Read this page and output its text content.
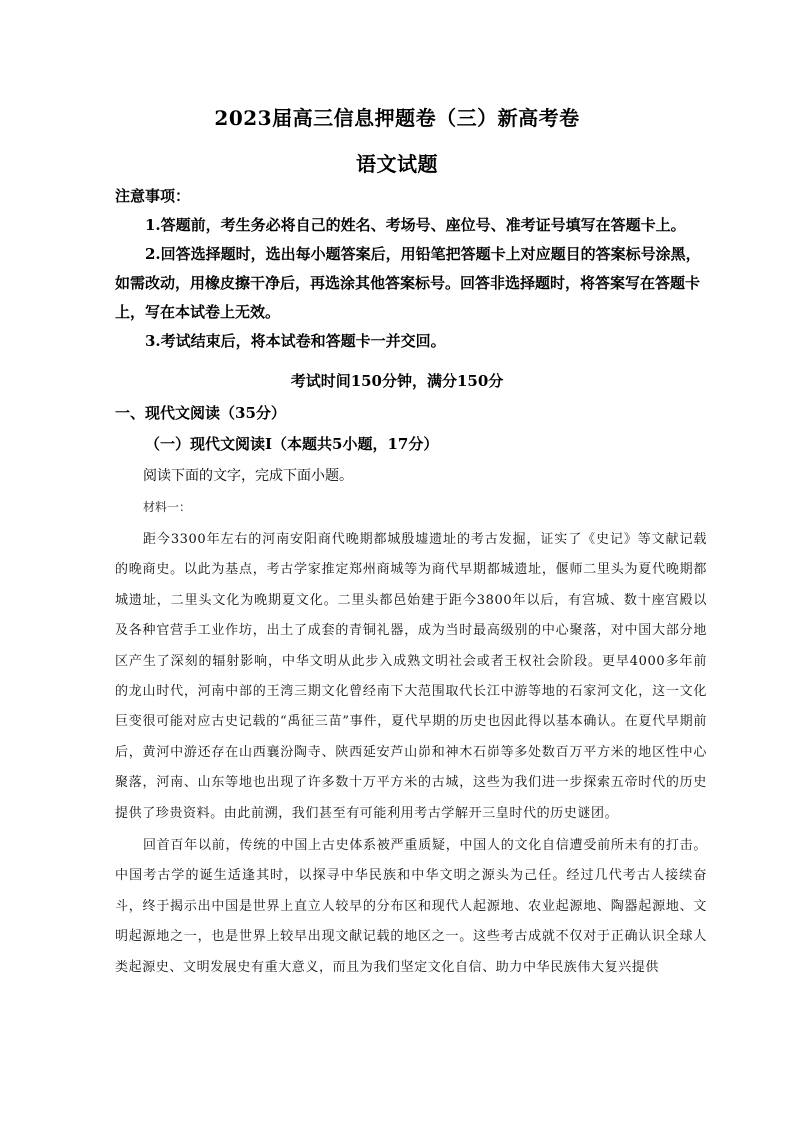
2023届高三信息押题卷（三）新高考卷
语文试题
注意事项：

1.答题前，考生务必将自己的姓名、考场号、座位号、准考证号填写在答题卡上。

2.回答选择题时，选出每小题答案后，用铅笔把答题卡上对应题目的答案标号涂黑，如需改动，用橡皮擦干净后，再选涂其他答案标号。回答非选择题时，将答案写在答题卡上，写在本试卷上无效。

3.考试结束后，将本试卷和答题卡一并交回。

考试时间150分钟，满分150分
一、现代文阅读（35分）
（一）现代文阅读Ⅰ（本题共5小题，17分）
阅读下面的文字，完成下面小题。
材料一：

距今3300年左右的河南安阳商代晚期都城殷墟遗址的考古发掘，证实了《史记》等文献记载的晚商史。以此为基点，考古学家推定郑州商城等为商代早期都城遗址，偃师二里头为夏代晚期都城遗址，二里头文化为晚期夏文化。二里头都邑始建于距今3800年以后，有宫城、数十座宫殿以及各种官营手工业作坊，出土了成套的青铜礼器，成为当时最高级别的中心聚落，对中国大部分地区产生了深刻的辐射影响，中华文明从此步入成熟文明社会或者王权社会阶段。更早4000多年前的龙山时代，河南中部的王湾三期文化曾经南下大范围取代长江中游等地的石家河文化，这一文化巨变很可能对应古史记载的“禹征三苗”事件，夏代早期的历史也因此得以基本确认。在夏代早期前后，黄河中游还存在山西襄汾陶寺、陕西延安芦山峁和神木石峁等多处数百万平方米的地区性中心聚落，河南、山东等地也出现了许多数十万平方米的古城，这些为我们进一步探索五帝时代的历史提供了珍贵资料。由此前溯，我们甚至有可能利用考古学解开三皇时代的历史谜团。

回首百年以前，传统的中国上古史体系被严重质疑，中国人的文化自信遭受前所未有的打击。中国考古学的诞生适逢其时，以探寻中华民族和中华文明之源头为己任。经过几代考古人接续奋斗，终于揭示出中国是世界上直立人较早的分布区和现代人起源地、农业起源地、陶器起源地、文明起源地之一，也是世界上较早出现文献记载的地区之一。这些考古成就不仅对于正确认识全球人类起源史、文明发展史有重大意义，而且为我们坚定文化自信、助力中华民族伟大复兴提供
